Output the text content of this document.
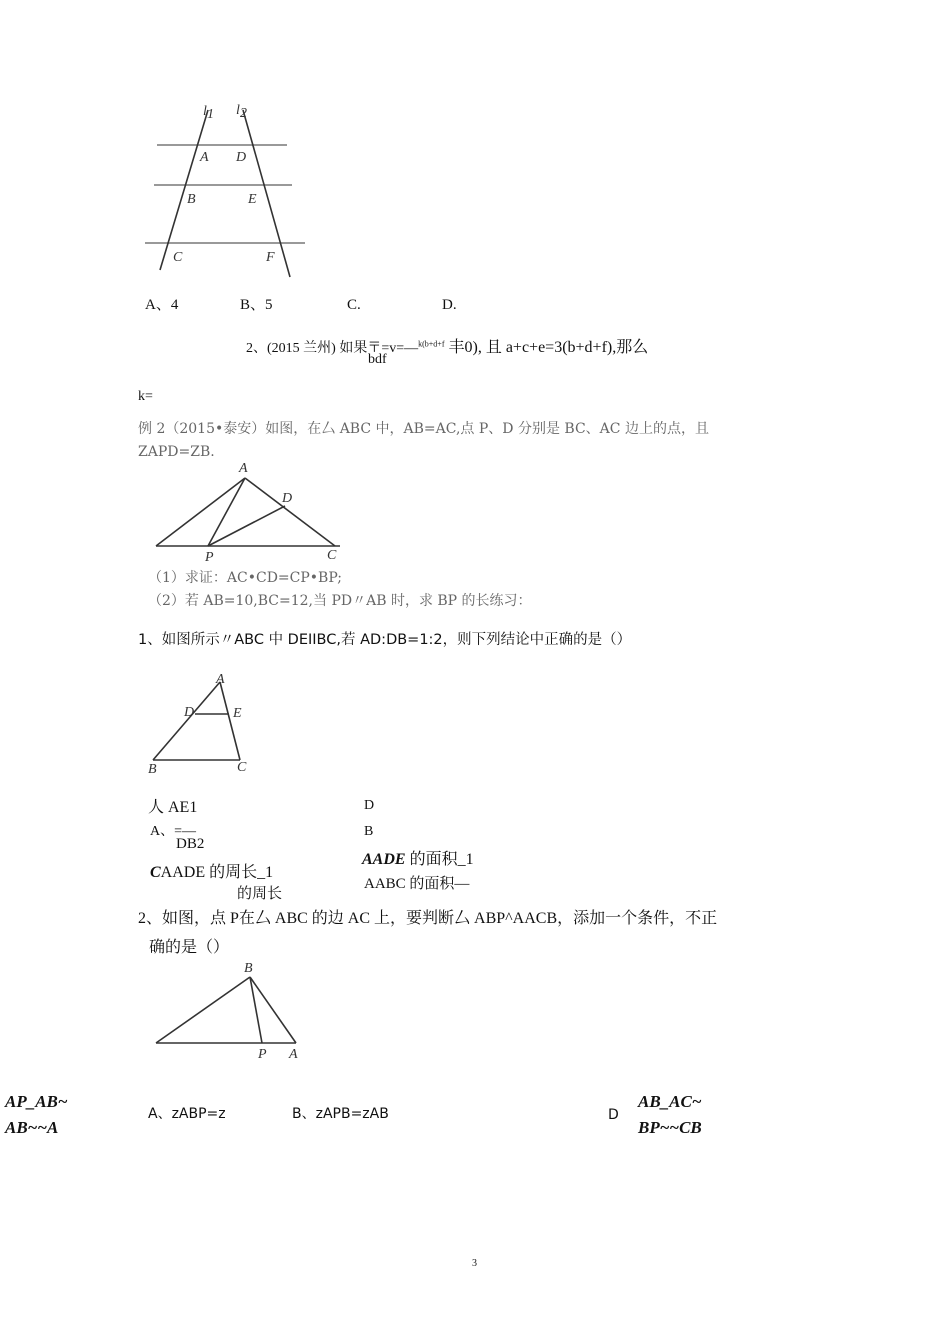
l 1 l 2
A D
B	E
C	F
A、4	B、5	C.	D.
2、(2015 兰州) 如果〒=v=—$^{k(b+d+f}$ 丰0), 且 a+c+e=3(b+d+f),那么
bdf
k=
例 2（2015•泰安）如图，在厶 ABC 中，AB=AC,点 P、D 分别是 BC、AC 边上的点，且
ZAPD=ZB.
A
D
P	C
（1）求证：AC•CD=CP•BP;
（2）若 AB=10,BC=12,当 PD〃AB 时，求 BP 的长练习：
1、如图所示〃ABC 中 DEIIBC,若 AD:DB=1:2，则下列结论中正确的是（）
A
D	E
B	C
人 AE1
A、=—
DB2
CAADE 的周长_1
的周长
D
B
AADE 的面积_1
AABC 的面积—
2、如图，点 P在厶 ABC 的边 AC 上，要判断厶 ABP^AACB，添加一个条件，不正
确的是（）
B
P A
AP_AB~
AB~~A
A、zABP=z	B、zAPB=zAB	D
AB_AC~
BP~~CB
3
